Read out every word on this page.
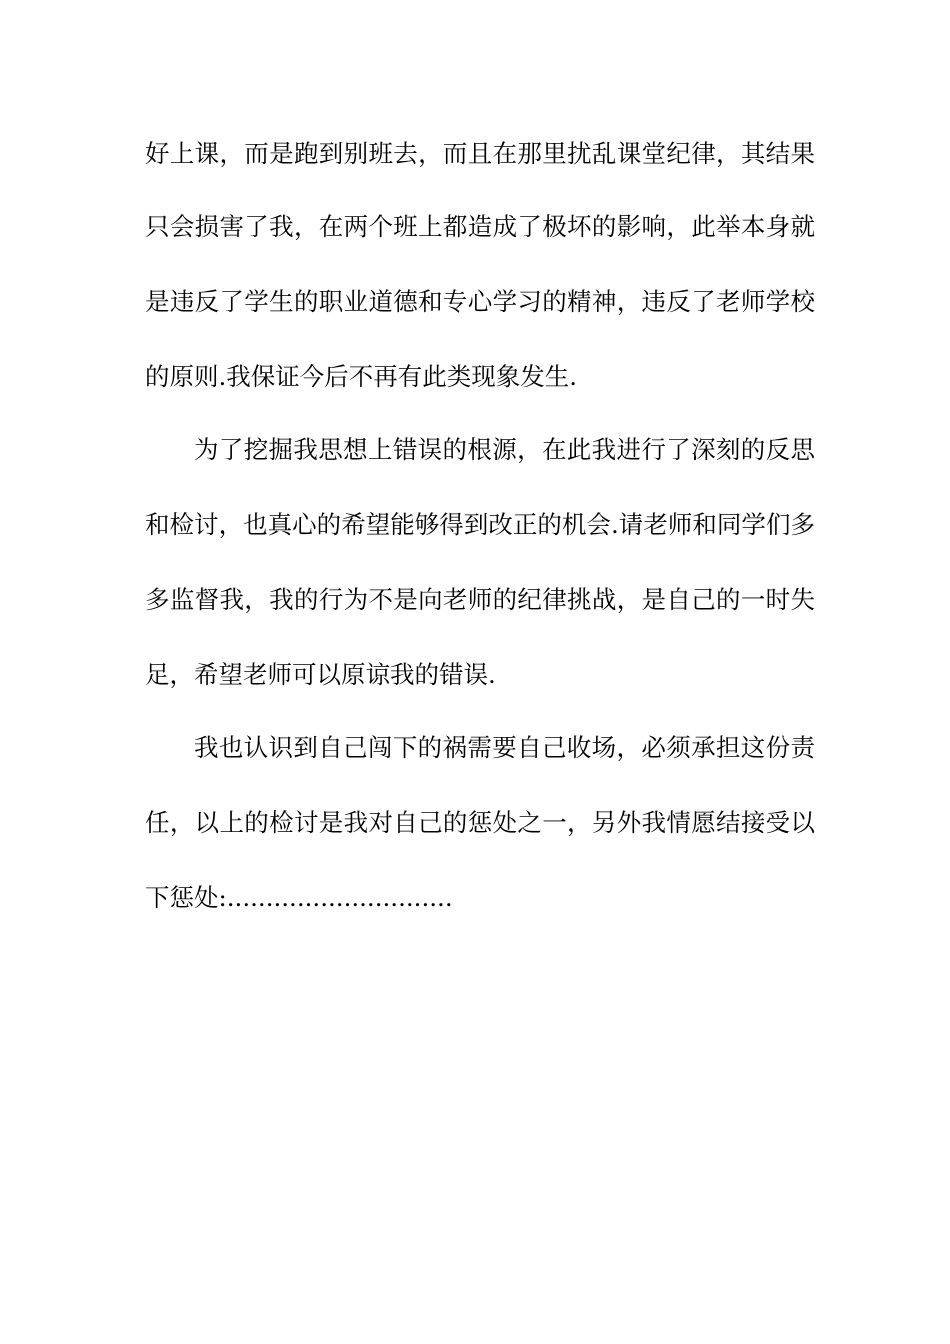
好上课，而是跑到别班去，而且在那里扰乱课堂纪律，其结果
只会损害了我，在两个班上都造成了极坏的影响，此举本身就
是违反了学生的职业道德和专心学习的精神，违反了老师学校
的原则.我保证今后不再有此类现象发生.
为了挖掘我思想上错误的根源，在此我进行了深刻的反思
和检讨，也真心的希望能够得到改正的机会.请老师和同学们多
多监督我，我的行为不是向老师的纪律挑战，是自己的一时失
足，希望老师可以原谅我的错误.
我也认识到自己闯下的祸需要自己收场，必须承担这份责
任，以上的检讨是我对自己的惩处之一，另外我情愿结接受以
下惩处:.............................
